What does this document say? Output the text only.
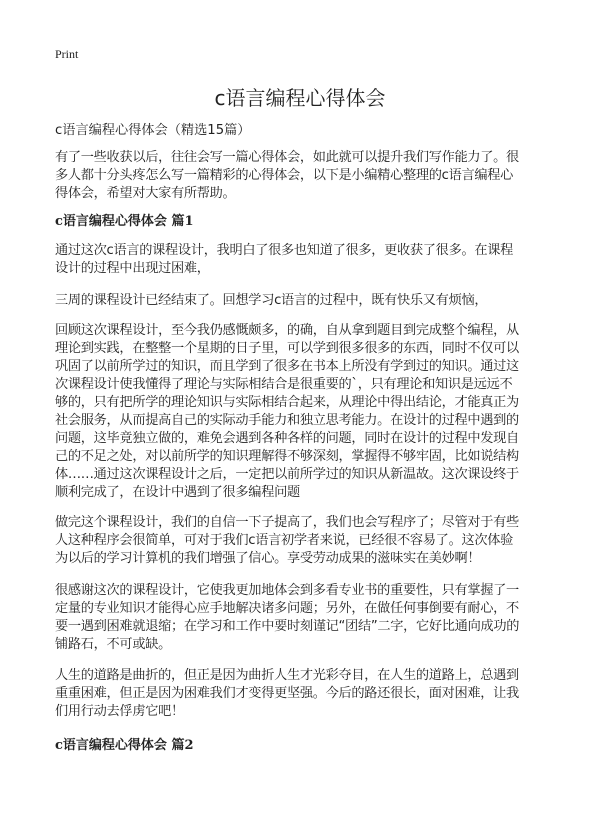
Print
c语言编程心得体会
c语言编程心得体会（精选15篇）
有了一些收获以后，往往会写一篇心得体会，如此就可以提升我们写作能力了。很
多人都十分头疼怎么写一篇精彩的心得体会，以下是小编精心整理的c语言编程心
得体会，希望对大家有所帮助。
c语言编程心得体会 篇1
通过这次c语言的课程设计，我明白了很多也知道了很多，更收获了很多。在课程
设计的过程中出现过困难，
三周的课程设计已经结束了。回想学习c语言的过程中，既有快乐又有烦恼，
回顾这次课程设计，至今我仍感慨颇多，的确，自从拿到题目到完成整个编程，从
理论到实践，在整整一个星期的日子里，可以学到很多很多的东西，同时不仅可以
巩固了以前所学过的知识，而且学到了很多在书本上所没有学到过的知识。通过这
次课程设计使我懂得了理论与实际相结合是很重要的`，只有理论和知识是远远不
够的，只有把所学的理论知识与实际相结合起来，从理论中得出结论，才能真正为
社会服务，从而提高自己的实际动手能力和独立思考能力。在设计的过程中遇到的
问题，这毕竟独立做的，难免会遇到各种各样的问题，同时在设计的过程中发现自
己的不足之处，对以前所学的知识理解得不够深刻，掌握得不够牢固，比如说结构
体……通过这次课程设计之后，一定把以前所学过的知识从新温故。这次课设终于
顺利完成了，在设计中遇到了很多编程问题
做完这个课程设计，我们的自信一下子提高了，我们也会写程序了；尽管对于有些
人这种程序会很简单，可对于我们c语言初学者来说，已经很不容易了。这次体验
为以后的学习计算机的我们增强了信心。享受劳动成果的滋味实在美妙啊！
很感谢这次的课程设计，它使我更加地体会到多看专业书的重要性，只有掌握了一
定量的专业知识才能得心应手地解决诸多问题；另外，在做任何事倒要有耐心，不
要一遇到困难就退缩；在学习和工作中要时刻谨记“团结”二字，它好比通向成功的
铺路石，不可或缺。
人生的道路是曲折的，但正是因为曲折人生才光彩夺目，在人生的道路上，总遇到
重重困难，但正是因为困难我们才变得更坚强。今后的路还很长，面对困难，让我
们用行动去俘虏它吧！
c语言编程心得体会 篇2
